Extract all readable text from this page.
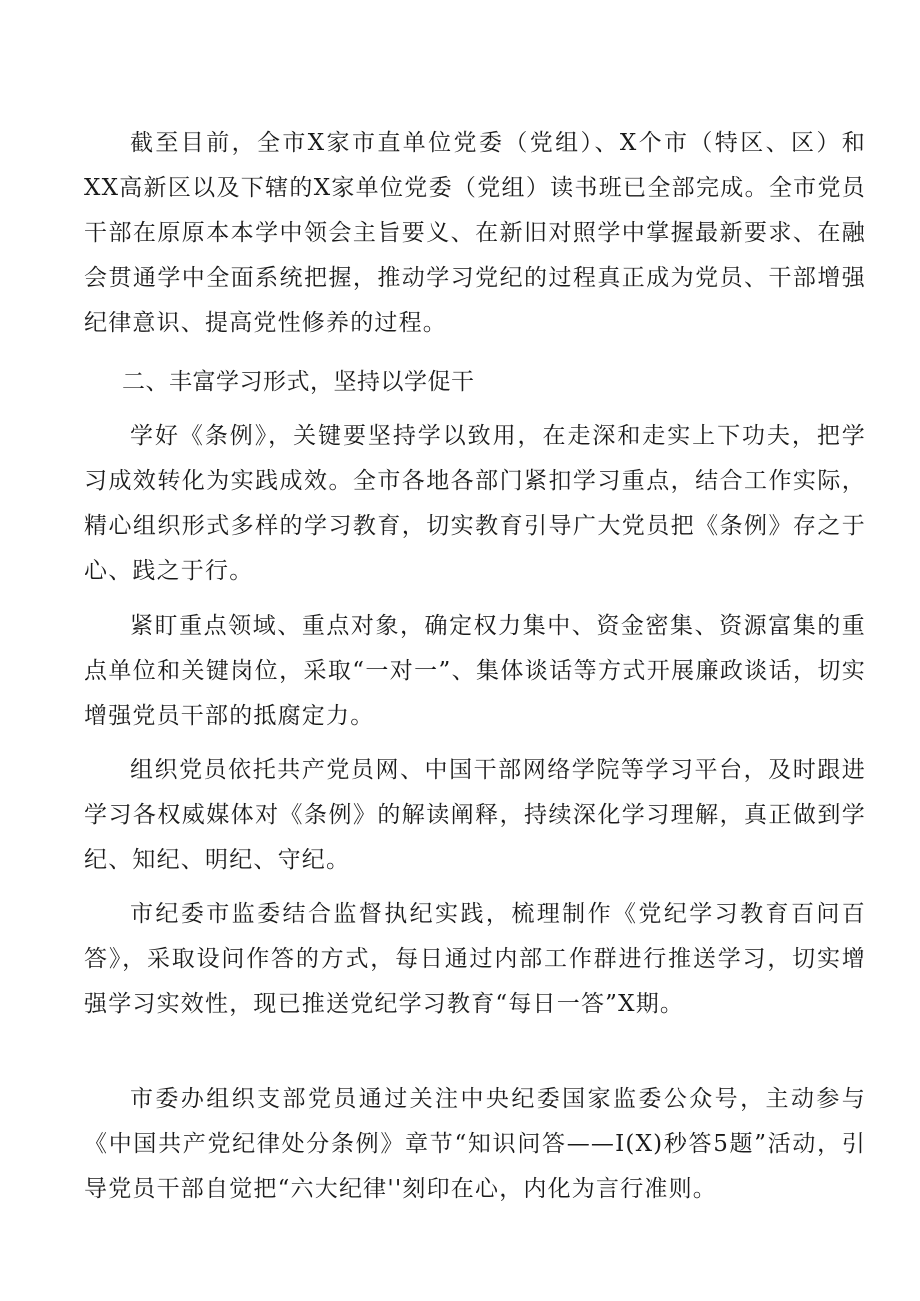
截至目前，全市X家市直单位党委（党组）、X个市（特区、区）和XX高新区以及下辖的X家单位党委（党组）读书班已全部完成。全市党员干部在原原本本学中领会主旨要义、在新旧对照学中掌握最新要求、在融会贯通学中全面系统把握，推动学习党纪的过程真正成为党员、干部增强纪律意识、提高党性修养的过程。

二、丰富学习形式，坚持以学促干

学好《条例》，关键要坚持学以致用，在走深和走实上下功夫，把学习成效转化为实践成效。全市各地各部门紧扣学习重点，结合工作实际，精心组织形式多样的学习教育，切实教育引导广大党员把《条例》存之于心、践之于行。

紧盯重点领域、重点对象，确定权力集中、资金密集、资源富集的重点单位和关键岗位，采取“一对一”、集体谈话等方式开展廉政谈话，切实增强党员干部的抵腐定力。

组织党员依托共产党员网、中国干部网络学院等学习平台，及时跟进学习各权威媒体对《条例》的解读阐释，持续深化学习理解，真正做到学纪、知纪、明纪、守纪。

市纪委市监委结合监督执纪实践，梳理制作《党纪学习教育百问百答》，采取设问作答的方式，每日通过内部工作群进行推送学习，切实增强学习实效性，现已推送党纪学习教育“每日一答”X期。

市委办组织支部党员通过关注中央纪委国家监委公众号，主动参与《中国共产党纪律处分条例》章节“知识问答——I(X)秒答5题”活动，引导党员干部自觉把“六大纪律''刻印在心，内化为言行准则。
